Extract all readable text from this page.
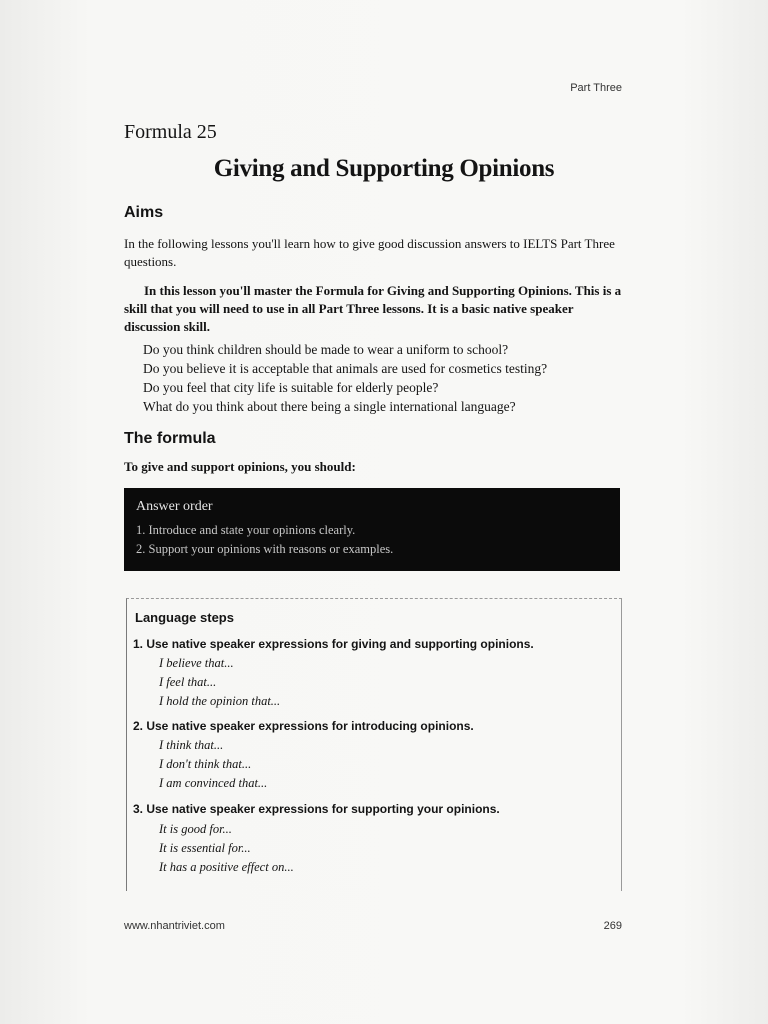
Part Three
Formula 25
Giving and Supporting Opinions
Aims
In the following lessons you'll learn how to give good discussion answers to IELTS Part Three questions.
In this lesson you'll master the Formula for Giving and Supporting Opinions. This is a skill that you will need to use in all Part Three lessons. It is a basic native speaker discussion skill.
Do you think children should be made to wear a uniform to school?
Do you believe it is acceptable that animals are used for cosmetics testing?
Do you feel that city life is suitable for elderly people?
What do you think about there being a single international language?
The formula
To give and support opinions, you should:
Answer order
1. Introduce and state your opinions clearly.
2. Support your opinions with reasons or examples.
Language steps
1. Use native speaker expressions for giving and supporting opinions.
I believe that...
I feel that...
I hold the opinion that...
2. Use native speaker expressions for introducing opinions.
I think that...
I don't think that...
I am convinced that...
3. Use native speaker expressions for supporting your opinions.
It is good for...
It is essential for...
It has a positive effect on...
www.nhantriviet.com	269
